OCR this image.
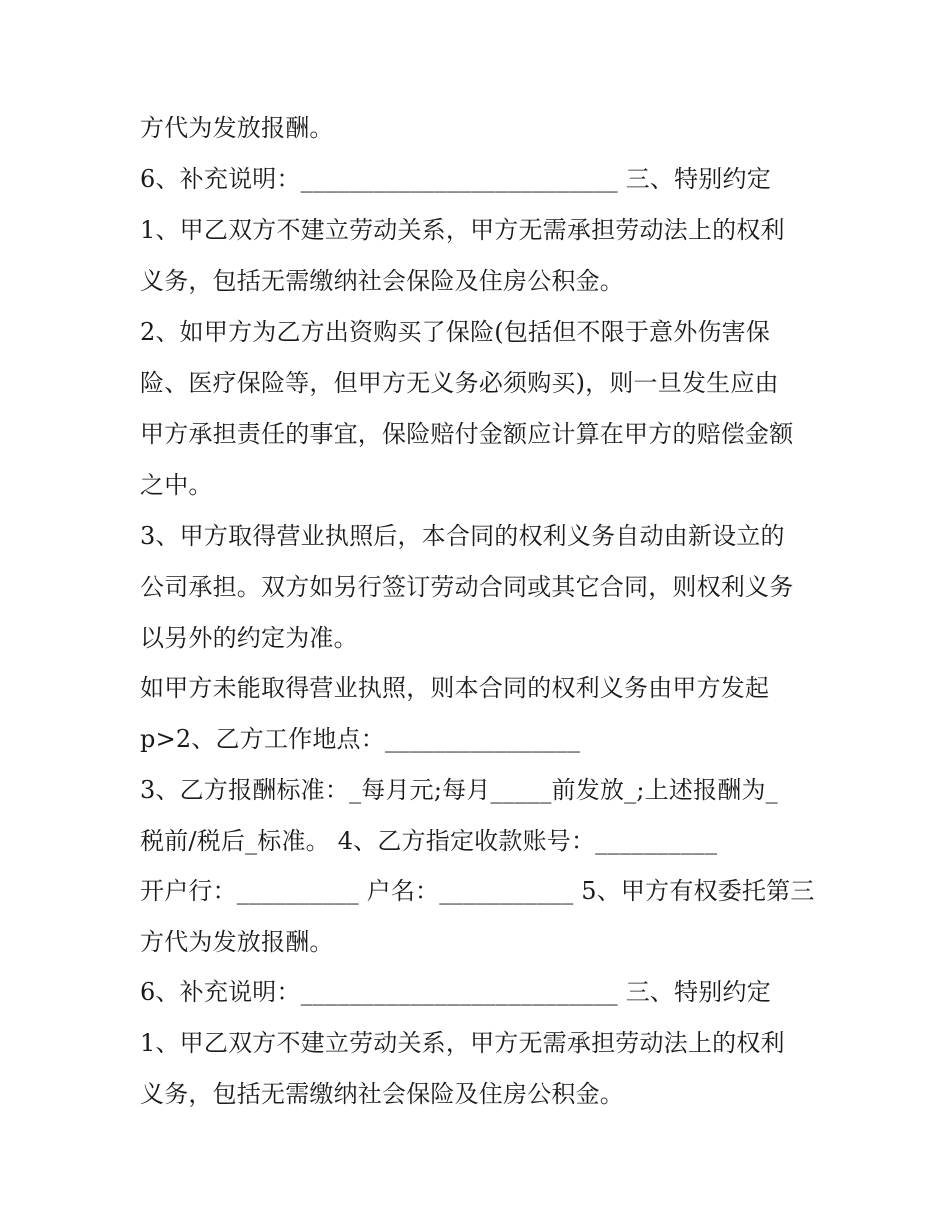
方代为发放报酬。
6、补充说明：__________________________ 三、特别约定
1、甲乙双方不建立劳动关系，甲方无需承担劳动法上的权利
义务，包括无需缴纳社会保险及住房公积金。
2、如甲方为乙方出资购买了保险(包括但不限于意外伤害保
险、医疗保险等，但甲方无义务必须购买)，则一旦发生应由
甲方承担责任的事宜，保险赔付金额应计算在甲方的赔偿金额
之中。
3、甲方取得营业执照后，本合同的权利义务自动由新设立的
公司承担。双方如另行签订劳动合同或其它合同，则权利义务
以另外的约定为准。
如甲方未能取得营业执照，则本合同的权利义务由甲方发起
p>2、乙方工作地点：________________
3、乙方报酬标准：_每月元;每月_____前发放_;上述报酬为_
税前/税后_标准。 4、乙方指定收款账号：__________
开户行：__________ 户名：___________ 5、甲方有权委托第三
方代为发放报酬。
6、补充说明：__________________________ 三、特别约定
1、甲乙双方不建立劳动关系，甲方无需承担劳动法上的权利
义务，包括无需缴纳社会保险及住房公积金。
